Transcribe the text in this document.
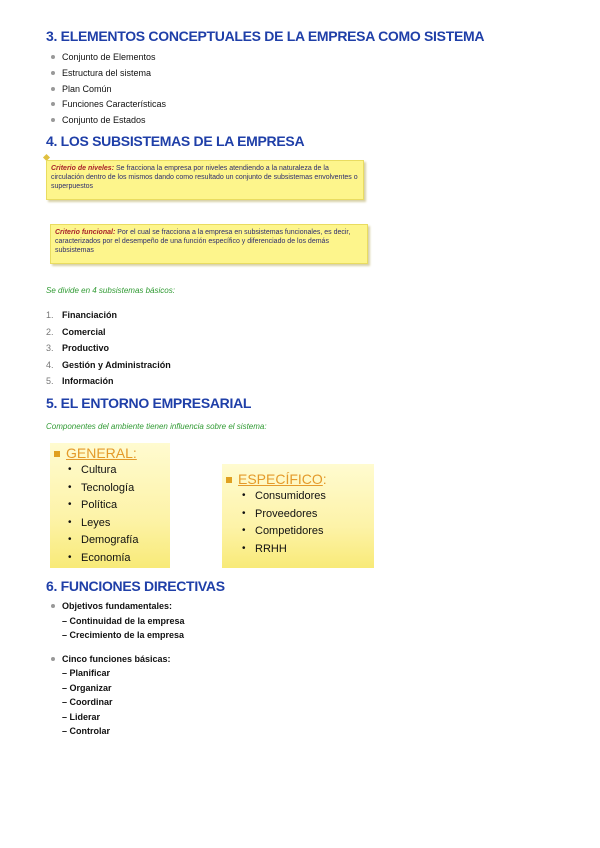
3. ELEMENTOS CONCEPTUALES DE LA EMPRESA COMO SISTEMA
Conjunto de Elementos
Estructura del sistema
Plan Común
Funciones Características
Conjunto de Estados
4. LOS SUBSISTEMAS DE LA EMPRESA
Criterio de niveles: Se fracciona la empresa por niveles atendiendo a la naturaleza de la circulación dentro de los mismos dando como resultado un conjunto de subsistemas envolventes o superpuestos
Criterio funcional: Por el cual se fracciona a la empresa en subsistemas funcionales, es decir, caracterizados por el desempeño de una función específico y diferenciado de los demás subsistemas
Se divide en 4 subsistemas básicos:
1. Financiación
2. Comercial
3. Productivo
4. Gestión y Administración
5. Información
5. EL ENTORNO EMPRESARIAL
Componentes del ambiente tienen influencia sobre el sistema:
GENERAL:
• Cultura
• Tecnología
• Política
• Leyes
• Demografía
• Economía
ESPECÍFICO:
• Consumidores
• Proveedores
• Competidores
• RRHH
6. FUNCIONES DIRECTIVAS
Objetivos fundamentales:
– Continuidad de la empresa
– Crecimiento de la empresa
Cinco funciones básicas:
– Planificar
– Organizar
– Coordinar
– Liderar
– Controlar
